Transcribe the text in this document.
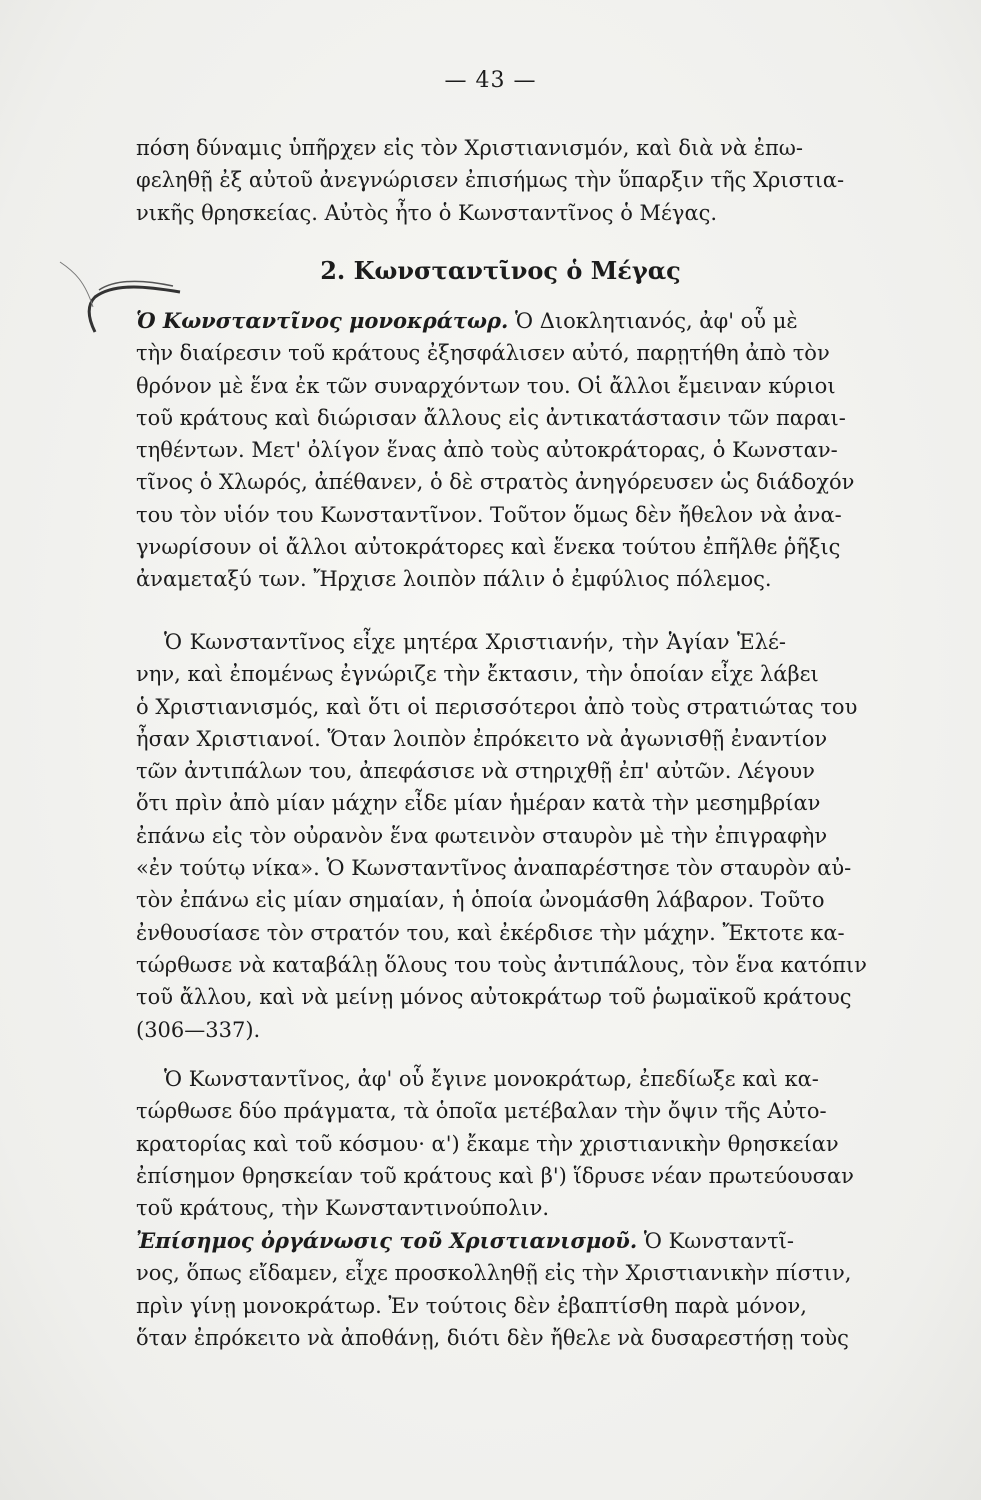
— 43 —
πόση δύναμις ὑπῆρχεν εἰς τὸν Χριστιανισμόν, καὶ διὰ νὰ ἐπω-
φεληθῇ ἐξ αὐτοῦ ἀνεγνώρισεν ἐπισήμως τὴν ὕπαρξιν τῆς Χριστια-
νικῆς θρησκείας. Αὐτὸς ἦτο ὁ Κωνσταντῖνος ὁ Μέγας.
2. Κωνσταντῖνος ὁ Μέγας
Ὁ Κωνσταντῖνος μονοκράτωρ. Ὁ Διοκλητιανός, ἀφ' οὗ μὲ
τὴν διαίρεσιν τοῦ κράτους ἐξησφάλισεν αὐτό, παρῃτήθη ἀπὸ τὸν
θρόνον μὲ ἕνα ἐκ τῶν συναρχόντων του. Οἱ ἄλλοι ἔμειναν κύριοι
τοῦ κράτους καὶ διώρισαν ἄλλους εἰς ἀντικατάστασιν τῶν παραι-
τηθέντων. Μετ' ὀλίγον ἕνας ἀπὸ τοὺς αὐτοκράτορας, ὁ Κωνσταν-
τῖνος ὁ Χλωρός, ἀπέθανεν, ὁ δὲ στρατὸς ἀνηγόρευσεν ὡς διάδοχόν
του τὸν υἱόν του Κωνσταντῖνον. Τοῦτον ὅμως δὲν ἤθελον νὰ ἀνα-
γνωρίσουν οἱ ἄλλοι αὐτοκράτορες καὶ ἕνεκα τούτου ἐπῆλθε ῥῆξις
ἀναμεταξύ των. Ἤρχισε λοιπὸν πάλιν ὁ ἐμφύλιος πόλεμος.
Ὁ Κωνσταντῖνος εἶχε μητέρα Χριστιανήν, τὴν Ἁγίαν Ἑλέ-
νην, καὶ ἐπομένως ἐγνώριζε τὴν ἔκτασιν, τὴν ὁποίαν εἶχε λάβει
ὁ Χριστιανισμός, καὶ ὅτι οἱ περισσότεροι ἀπὸ τοὺς στρατιώτας του
ἦσαν Χριστιανοί. Ὅταν λοιπὸν ἐπρόκειτο νὰ ἀγωνισθῇ ἐναντίον
τῶν ἀντιπάλων του, ἀπεφάσισε νὰ στηριχθῇ ἐπ' αὐτῶν. Λέγουν
ὅτι πρὶν ἀπὸ μίαν μάχην εἶδε μίαν ἡμέραν κατὰ τὴν μεσημβρίαν
ἐπάνω εἰς τὸν οὐρανὸν ἕνα φωτεινὸν σταυρὸν μὲ τὴν ἐπιγραφὴν
«ἐν τούτῳ νίκα». Ὁ Κωνσταντῖνος ἀναπαρέστησε τὸν σταυρὸν αὐ-
τὸν ἐπάνω εἰς μίαν σημαίαν, ἡ ὁποία ὠνομάσθη λάβαρον. Τοῦτο
ἐνθουσίασε τὸν στρατόν του, καὶ ἐκέρδισε τὴν μάχην. Ἔκτοτε κα-
τώρθωσε νὰ καταβάλῃ ὅλους του τοὺς ἀντιπάλους, τὸν ἕνα κατόπιν
τοῦ ἄλλου, καὶ νὰ μείνῃ μόνος αὐτοκράτωρ τοῦ ῥωμαϊκοῦ κράτους
(306—337).
Ὁ Κωνσταντῖνος, ἀφ' οὗ ἔγινε μονοκράτωρ, ἐπεδίωξε καὶ κα-
τώρθωσε δύο πράγματα, τὰ ὁποῖα μετέβαλαν τὴν ὄψιν τῆς Αὐτο-
κρατορίας καὶ τοῦ κόσμου· α') ἔκαμε τὴν χριστιανικὴν θρησκείαν
ἐπίσημον θρησκείαν τοῦ κράτους καὶ β') ἵδρυσε νέαν πρωτεύουσαν
τοῦ κράτους, τὴν Κωνσταντινούπολιν.
Ἐπίσημος ὀργάνωσις τοῦ Χριστιανισμοῦ. Ὁ Κωνσταντῖ-
νος, ὅπως εἴδαμεν, εἶχε προσκολληθῇ εἰς τὴν Χριστιανικὴν πίστιν,
πρὶν γίνῃ μονοκράτωρ. Ἐν τούτοις δὲν ἐβαπτίσθη παρὰ μόνον,
ὅταν ἐπρόκειτο νὰ ἀποθάνῃ, διότι δὲν ἤθελε νὰ δυσαρεστήσῃ τοὺς
